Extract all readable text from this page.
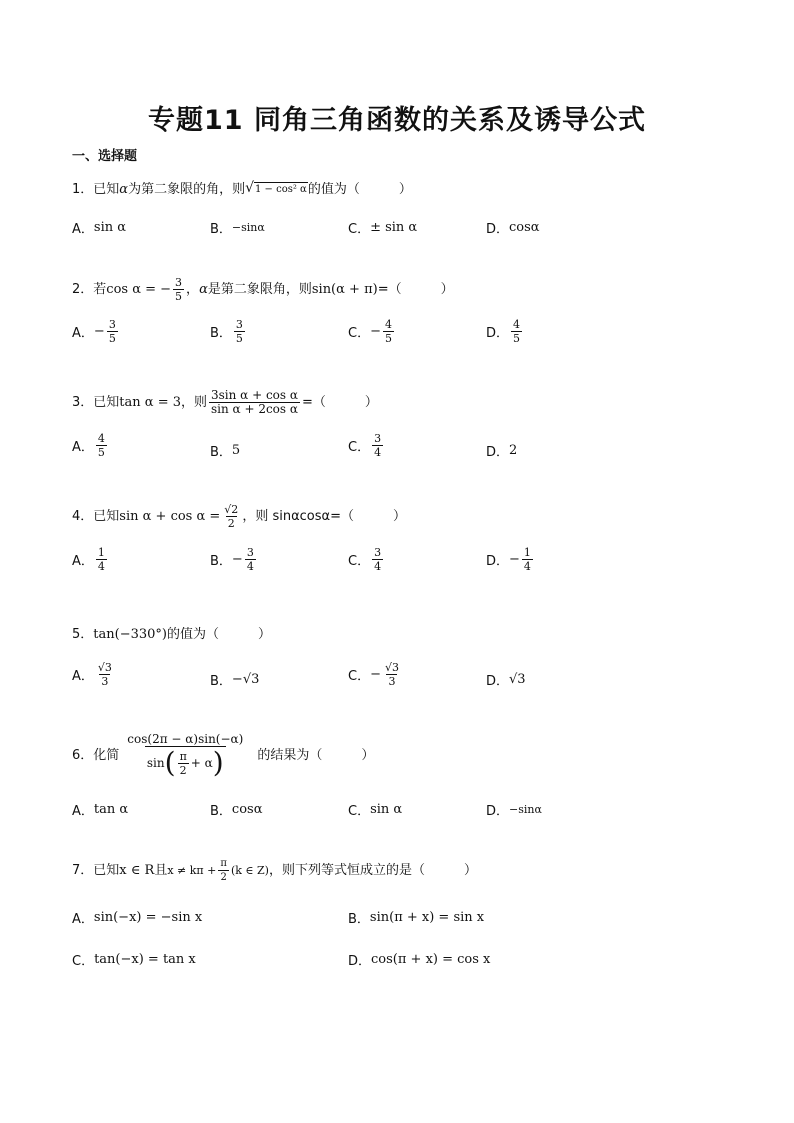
专题11 同角三角函数的关系及诱导公式
一、选择题
1． 已知 α 为第二象限的角，则 √ 1 − cos² α 的值为（　　　）
A． sin α	B． −sinα	C． ± sin α	D． cosα
2． 若 cos α = − $\frac{3}{5}$ ， α 是第二象限角，则 sin(α + π) =（　　　）
A． − $\frac{3}{5}$	B． $\frac{3}{5}$	C． − $\frac{4}{5}$	D． $\frac{4}{5}$
3． 已知 tan α = 3 ，则 $\frac{\text{3sin α + cos α}}{\text{sin α + 2cos α}}$ =（　　　）
A． $\frac{4}{5}$	B． 5	C． $\frac{3}{4}$	D． 2
4． 已知 $\sin \alpha + \cos \alpha = \frac{√2}{2}$ ，则 sinαcosα=（　　　）
A． $\frac{1}{4}$	B． − $\frac{3}{4}$	C． $\frac{3}{4}$	D． − $\frac{1}{4}$
5． tan(−330°) 的值为（　　　）
A． $\frac{√3}{3}$	B． −√3	C． − $\frac{√3}{3}$	D． √3
6． 化简 $\frac{\cos(2\pi - \alpha)\sin(-\alpha)}{\sin ( \frac{\pi}{2} + \alpha )}$ 的结果为（　　　）
A． tan α	B． cosα	C． sin α	D． −sinα
7． 已知 x ∈ R 且 $x \ne k\pi + \frac{\pi}{2} (k$ ∈ Z) ，则下列等式恒成立的是（　　　）
A． sin(−x) = −sin x	B． sin(π + x) = sin x
C． tan(−x) = tan x	D． cos(π + x) = cos x
